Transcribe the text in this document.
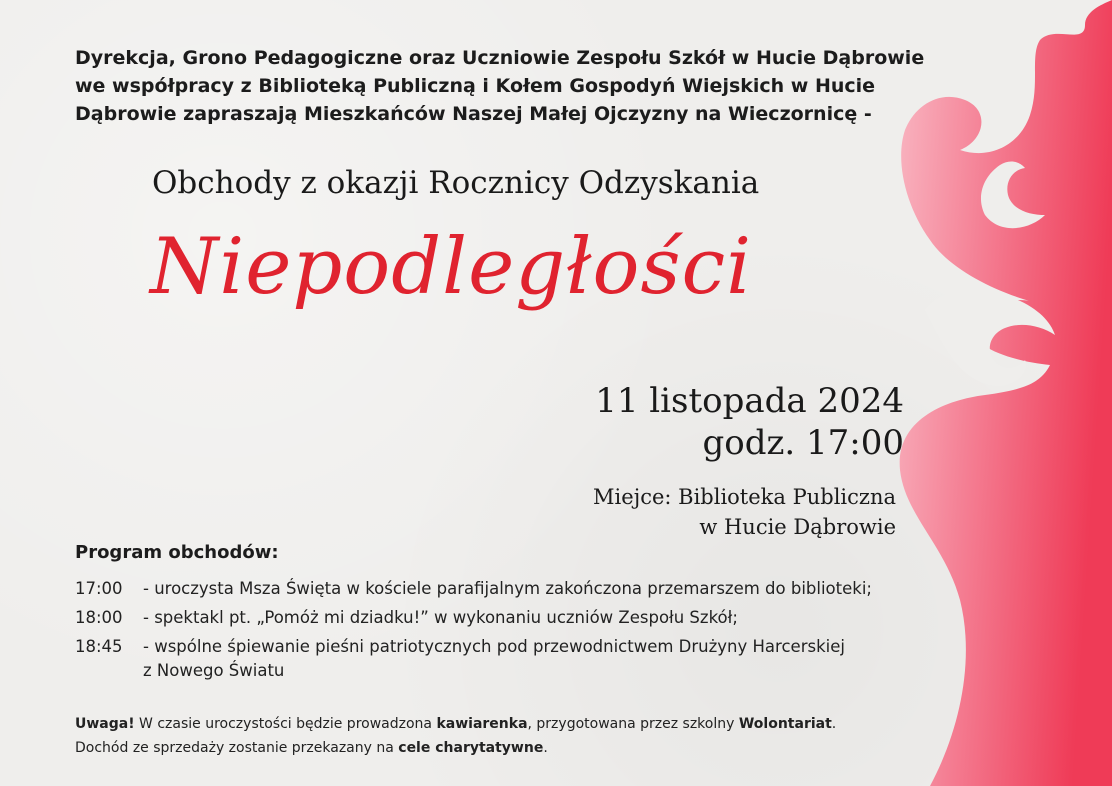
Dyrekcja, Grono Pedagogiczne oraz Uczniowie Zespołu Szkół w Hucie Dąbrowie
we współpracy z Biblioteką Publiczną i Kołem Gospodyń Wiejskich w Hucie
Dąbrowie zapraszają Mieszkańców Naszej Małej Ojczyzny na Wieczornicę -
Obchody z okazji Rocznicy Odzyskania
Niepodległości
11 listopada 2024
godz. 17:00
Miejce: Biblioteka Publiczna
w Hucie Dąbrowie
Program obchodów:
17:00	- uroczysta Msza Święta w kościele parafijalnym zakończona przemarszem do biblioteki;
18:00	- spektakl pt. „Pomóż mi dziadku!” w wykonaniu uczniów Zespołu Szkół;
18:45	- wspólne śpiewanie pieśni patriotycznych pod przewodnictwem Drużyny Harcerskiej
z Nowego Światu
Uwaga! W czasie uroczystości będzie prowadzona kawiarenka, przygotowana przez szkolny Wolontariat.
Dochód ze sprzedaży zostanie przekazany na cele charytatywne.
